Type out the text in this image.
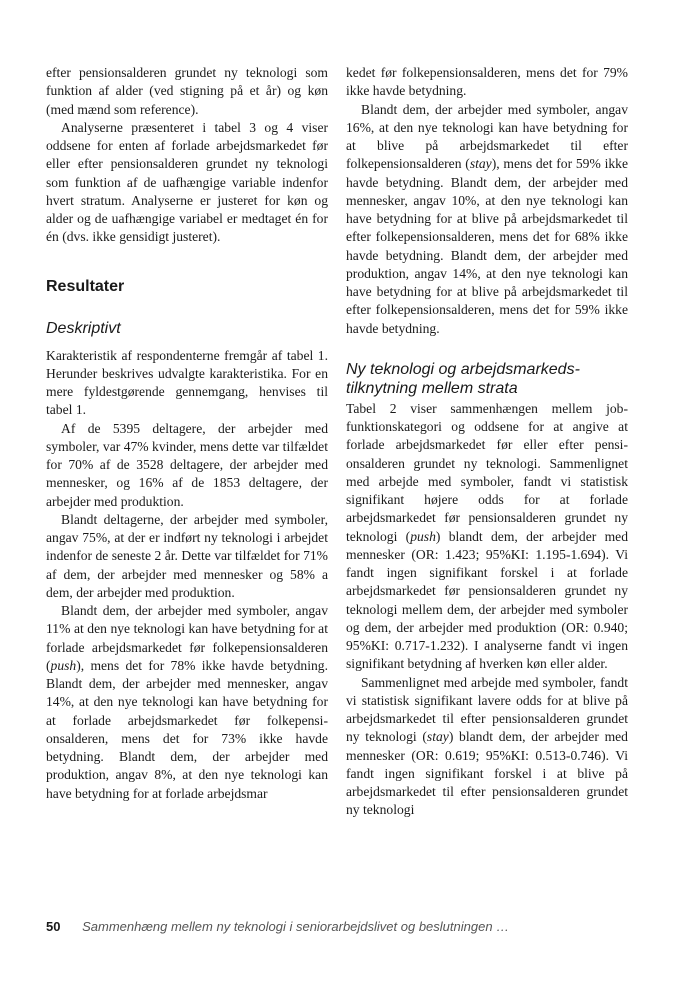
efter pensionsalderen grundet ny teknologi som funktion af alder (ved stigning på et år) og køn (med mænd som reference).

Analyserne præsenteret i tabel 3 og 4 viser oddsene for enten af forlade arbejdsmarkedet før eller efter pensionsalderen grundet ny teknologi som funktion af de uafhængige variable indenfor hvert stratum. Analyserne er justeret for køn og alder og de uafhængige variabel er medtaget én for én (dvs. ikke gensidigt justeret).

Resultater
Deskriptivt

Karakteristik af respondenterne fremgår af tabel 1. Herunder beskrives udvalgte karakteristika. For en mere fyldestgørende gennemgang, henvises til tabel 1.

Af de 5395 deltagere, der arbejder med symboler, var 47% kvinder, mens dette var tilfældet for 70% af de 3528 deltagere, der arbejder med mennesker, og 16% af de 1853 deltagere, der arbejder med produktion.

Blandt deltagerne, der arbejder med symboler, angav 75%, at der er indført ny teknologi i arbejdet indenfor de seneste 2 år. Dette var tilfældet for 71% af dem, der arbejder med mennesker og 58% a dem, der arbejder med produktion.

Blandt dem, der arbejder med symboler, angav 11% at den nye teknologi kan have betydning for at forlade arbejdsmarkedet før folkepensionsalderen (push), mens det for 78% ikke havde betydning. Blandt dem, der arbejder med mennesker, angav 14%, at den nye teknologi kan have betydning for at forlade arbejdsmarkedet før folkepensionsalderen, mens det for 73% ikke havde betydning. Blandt dem, der arbejder med produktion, angav 8%, at den nye teknologi kan have betydning for at forlade arbejdsmar

kedet før folkepensionsalderen, mens det for 79% ikke havde betydning.

Blandt dem, der arbejder med symboler, angav 16%, at den nye teknologi kan have betydning for at blive på arbejdsmarkedet til efter folkepensionsalderen (stay), mens det for 59% ikke havde betydning. Blandt dem, der arbejder med mennesker, angav 10%, at den nye teknologi kan have betydning for at blive på arbejdsmarkedet til efter folkepensionsalderen, mens det for 68% ikke havde betydning. Blandt dem, der arbejder med produktion, angav 14%, at den nye teknologi kan have betydning for at blive på arbejdsmarkedet til efter folkepensionsalderen, mens det for 59% ikke havde betydning.

Ny teknologi og arbejdsmarkeds-
tilknytning mellem strata

Tabel 2 viser sammenhængen mellem jobfunktionskategori og oddsene for at angive at forlade arbejdsmarkedet før eller efter pensionsalderen grundet ny teknologi. Sammenlignet med arbejde med symboler, fandt vi statistisk signifikant højere odds for at forlade arbejdsmarkedet før pensionsalderen grundet ny teknologi (push) blandt dem, der arbejder med mennesker (OR: 1.423; 95%KI: 1.195-1.694). Vi fandt ingen signifikant forskel i at forlade arbejdsmarkedet før pensionsalderen grundet ny teknologi mellem dem, der arbejder med symboler og dem, der arbejder med produktion (OR: 0.940; 95%KI: 0.717-1.232). I analyserne fandt vi ingen signifikant betydning af hverken køn eller alder.

Sammenlignet med arbejde med symboler, fandt vi statistisk signifikant lavere odds for at blive på arbejdsmarkedet til efter pensionsalderen grundet ny teknologi (stay) blandt dem, der arbejder med mennesker (OR: 0.619; 95%KI: 0.513-0.746). Vi fandt ingen signifikant forskel i at blive på arbejdsmarkedet til efter pensionsalderen grundet ny teknologi

50 Sammenhæng mellem ny teknologi i seniorarbejdslivet og beslutningen …
